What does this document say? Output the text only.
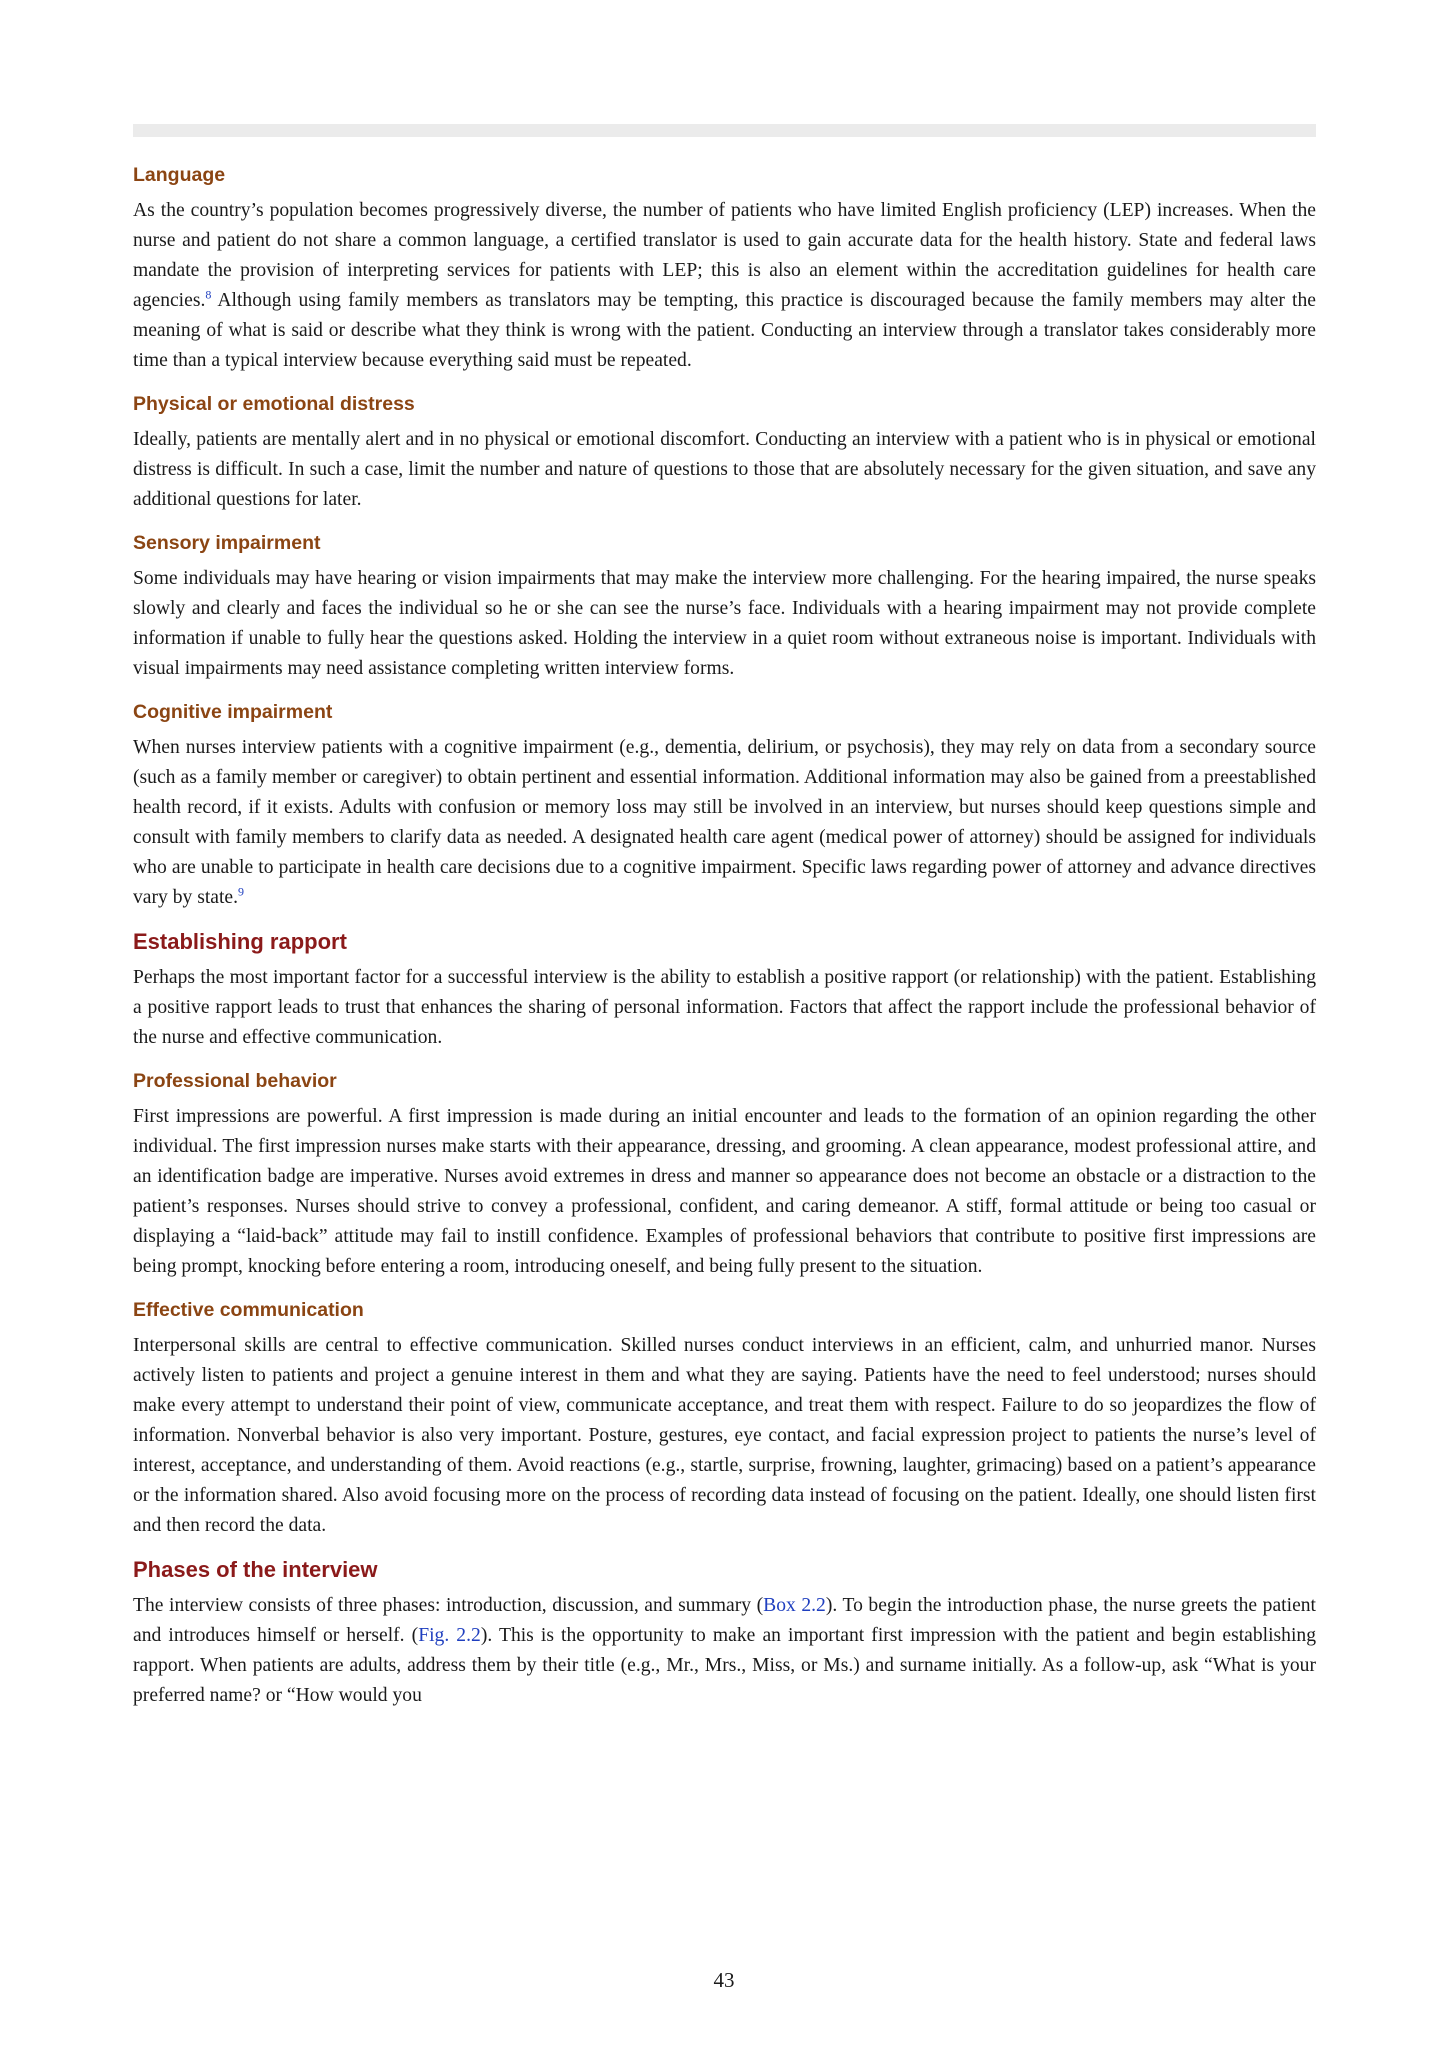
Language

As the country’s population becomes progressively diverse, the number of patients who have limited English proficiency (LEP) increases. When the nurse and patient do not share a common language, a certified translator is used to gain accurate data for the health history. State and federal laws mandate the provision of interpreting services for patients with LEP; this is also an element within the accreditation guidelines for health care agencies.$^8$ Although using family members as translators may be tempting, this practice is discouraged because the family members may alter the meaning of what is said or describe what they think is wrong with the patient. Conducting an interview through a translator takes considerably more time than a typical interview because everything said must be repeated.

Physical or emotional distress

Ideally, patients are mentally alert and in no physical or emotional discomfort. Conducting an interview with a patient who is in physical or emotional distress is difficult. In such a case, limit the number and nature of questions to those that are absolutely necessary for the given situation, and save any additional questions for later.

Sensory impairment

Some individuals may have hearing or vision impairments that may make the interview more challenging. For the hearing impaired, the nurse speaks slowly and clearly and faces the individual so he or she can see the nurse’s face. Individuals with a hearing impairment may not provide complete information if unable to fully hear the questions asked. Holding the interview in a quiet room without extraneous noise is important. Individuals with visual impairments may need assistance completing written interview forms.

Cognitive impairment

When nurses interview patients with a cognitive impairment (e.g., dementia, delirium, or psychosis), they may rely on data from a secondary source (such as a family member or caregiver) to obtain pertinent and essential information. Additional information may also be gained from a preestablished health record, if it exists. Adults with confusion or memory loss may still be involved in an interview, but nurses should keep questions simple and consult with family members to clarify data as needed. A designated health care agent (medical power of attorney) should be assigned for individuals who are unable to participate in health care decisions due to a cognitive impairment. Specific laws regarding power of attorney and advance directives vary by state.$^9$

Establishing rapport

Perhaps the most important factor for a successful interview is the ability to establish a positive rapport (or relationship) with the patient. Establishing a positive rapport leads to trust that enhances the sharing of personal information. Factors that affect the rapport include the professional behavior of the nurse and effective communication.

Professional behavior

First impressions are powerful. A first impression is made during an initial encounter and leads to the formation of an opinion regarding the other individual. The first impression nurses make starts with their appearance, dressing, and grooming. A clean appearance, modest professional attire, and an identification badge are imperative. Nurses avoid extremes in dress and manner so appearance does not become an obstacle or a distraction to the patient’s responses. Nurses should strive to convey a professional, confident, and caring demeanor. A stiff, formal attitude or being too casual or displaying a “laid-back” attitude may fail to instill confidence. Examples of professional behaviors that contribute to positive first impressions are being prompt, knocking before entering a room, introducing oneself, and being fully present to the situation.

Effective communication

Interpersonal skills are central to effective communication. Skilled nurses conduct interviews in an efficient, calm, and unhurried manor. Nurses actively listen to patients and project a genuine interest in them and what they are saying. Patients have the need to feel understood; nurses should make every attempt to understand their point of view, communicate acceptance, and treat them with respect. Failure to do so jeopardizes the flow of information. Nonverbal behavior is also very important. Posture, gestures, eye contact, and facial expression project to patients the nurse’s level of interest, acceptance, and understanding of them. Avoid reactions (e.g., startle, surprise, frowning, laughter, grimacing) based on a patient’s appearance or the information shared. Also avoid focusing more on the process of recording data instead of focusing on the patient. Ideally, one should listen first and then record the data.

Phases of the interview

The interview consists of three phases: introduction, discussion, and summary (Box 2.2). To begin the introduction phase, the nurse greets the patient and introduces himself or herself. (Fig. 2.2). This is the opportunity to make an important first impression with the patient and begin establishing rapport. When patients are adults, address them by their title (e.g., Mr., Mrs., Miss, or Ms.) and surname initially. As a follow-up, ask “What is your preferred name? or “How would you

43
